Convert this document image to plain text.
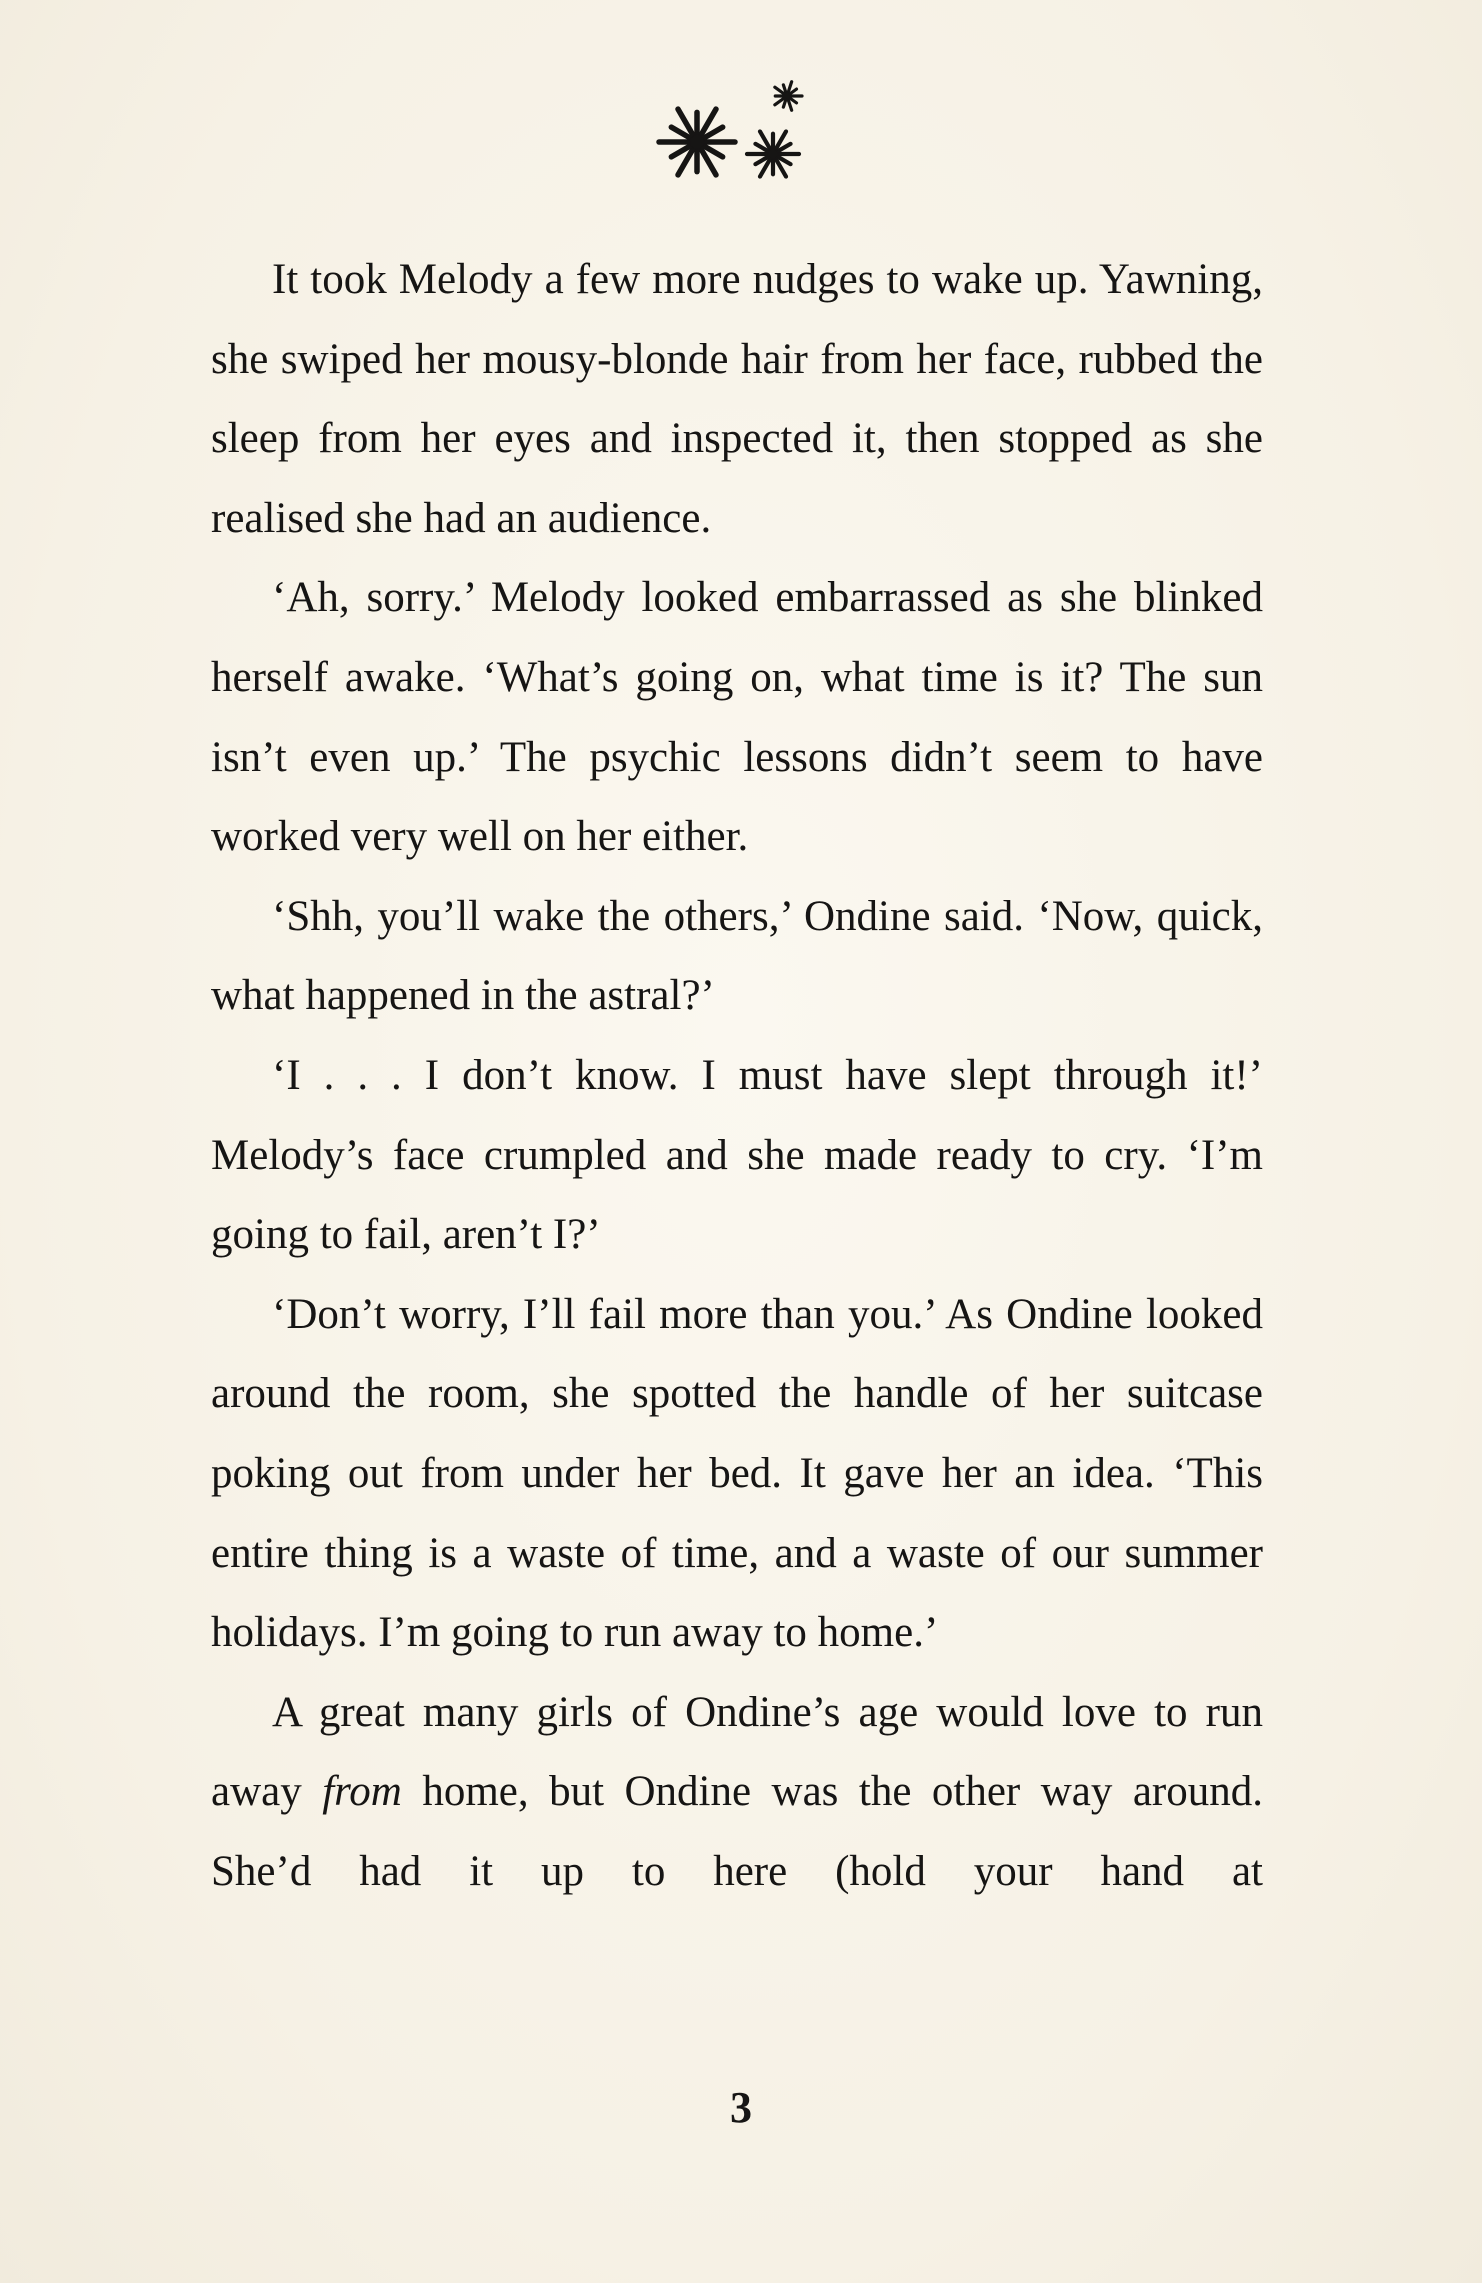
It took Melody a few more nudges to wake up. Yawning, she swiped her mousy-blonde hair from her face, rubbed the sleep from her eyes and inspected it, then stopped as she realised she had an audience.

‘Ah, sorry.’ Melody looked embarrassed as she blinked herself awake. ‘What’s going on, what time is it? The sun isn’t even up.’ The psychic lessons didn’t seem to have worked very well on her either.

‘Shh, you’ll wake the others,’ Ondine said. ‘Now, quick, what happened in the astral?’

‘I . . . I don’t know. I must have slept through it!’ Melody’s face crumpled and she made ready to cry. ‘I’m going to fail, aren’t I?’

‘Don’t worry, I’ll fail more than you.’ As Ondine looked around the room, she spotted the handle of her suitcase poking out from under her bed. It gave her an idea. ‘This entire thing is a waste of time, and a waste of our summer holidays. I’m going to run away to home.’

A great many girls of Ondine’s age would love to run away from home, but Ondine was the other way around. She’d had it up to here (hold your hand at

3
